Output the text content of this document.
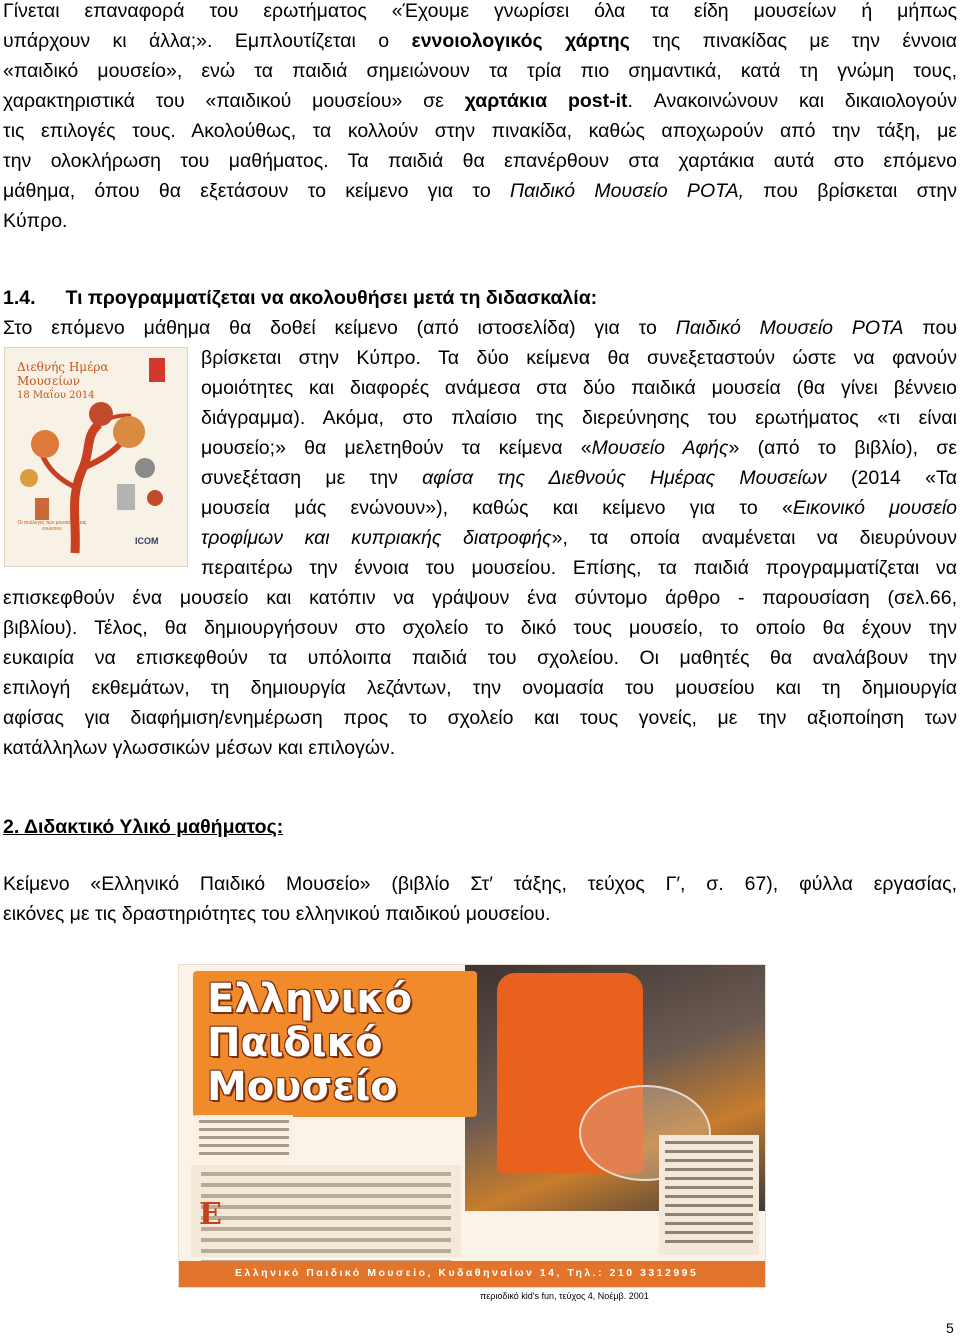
Γίνεται επαναφορά του ερωτήματος «Έχουμε γνωρίσει όλα τα είδη μουσείων ή μήπως
υπάρχουν κι άλλα;». Εμπλουτίζεται ο εννοιολογικός χάρτης της πινακίδας με την έννοια
«παιδικό μουσείο», ενώ τα παιδιά σημειώνουν τα τρία πιο σημαντικά, κατά τη γνώμη τους,
χαρακτηριστικά του «παιδικού μουσείου» σε χαρτάκια post-it. Ανακοινώνουν και δικαιολογούν
τις επιλογές τους. Ακολούθως, τα κολλούν στην πινακίδα, καθώς αποχωρούν από την τάξη, με
την ολοκλήρωση του μαθήματος. Τα παιδιά θα επανέρθουν στα χαρτάκια αυτά στο επόμενο
μάθημα, όπου θα εξετάσουν το κείμενο για το Παιδικό Μουσείο ΡΟΤΑ, που βρίσκεται στην
Κύπρο.
1.4. Τι προγραμματίζεται να ακολουθήσει μετά τη διδασκαλία:
Στο επόμενο μάθημα θα δοθεί κείμενο (από ιστοσελίδα) για το Παιδικό Μουσείο ΡΟΤΑ που
Διεθνής Ημέρα
Μουσείων
18 Μαΐου 2014
Οι συλλογές των μουσείων μας ενώνουν
ICOM
βρίσκεται στην Κύπρο. Τα δύο κείμενα θα συνεξεταστούν ώστε να φανούν
ομοιότητες και διαφορές ανάμεσα στα δύο παιδικά μουσεία (θα γίνει βέννειο
διάγραμμα). Ακόμα, στο πλαίσιο της διερεύνησης του ερωτήματος «τι είναι
μουσείο;» θα μελετηθούν τα κείμενα «Μουσείο Αφής» (από το βιβλίο), σε
συνεξέταση με την αφίσα της Διεθνούς Ημέρας Μουσείων (2014 «Τα
μουσεία μάς ενώνουν»), καθώς και κείμενο για το «Εικονικό μουσείο
τροφίμων και κυπριακής διατροφής», τα οποία αναμένεται να διευρύνουν
περαιτέρω την έννοια του μουσείου. Επίσης, τα παιδιά προγραμματίζεται να
επισκεφθούν ένα μουσείο και κατόπιν να γράψουν ένα σύντομο άρθρο - παρουσίαση (σελ.66,
βιβλίου). Τέλος, θα δημιουργήσουν στο σχολείο το δικό τους μουσείο, το οποίο θα έχουν την
ευκαιρία να επισκεφθούν τα υπόλοιπα παιδιά του σχολείου. Οι μαθητές θα αναλάβουν την
επιλογή εκθεμάτων, τη δημιουργία λεζάντων, την ονομασία του μουσείου και τη δημιουργία
αφίσας για διαφήμιση/ενημέρωση προς το σχολείο και τους γονείς, με την αξιοποίηση των
κατάλληλων γλωσσικών μέσων και επιλογών.
2. Διδακτικό Υλικό μαθήματος:
Κείμενο «Ελληνικό Παιδικό Μουσείο» (βιβλίο Στ′ τάξης, τεύχος Γ′, σ. 67), φύλλα εργασίας,
εικόνες με τις δραστηριότητες του ελληνικού παιδικού μουσείου.
Ελληνικό
Παιδικό
Μουσείο
Ε
Ελληνικό Παιδικό Μουσείο, Κυδαθηναίων 14, Τηλ.: 210 3312995
περιοδικό kid's fun, τεύχος 4, Νοέμβ. 2001
5
